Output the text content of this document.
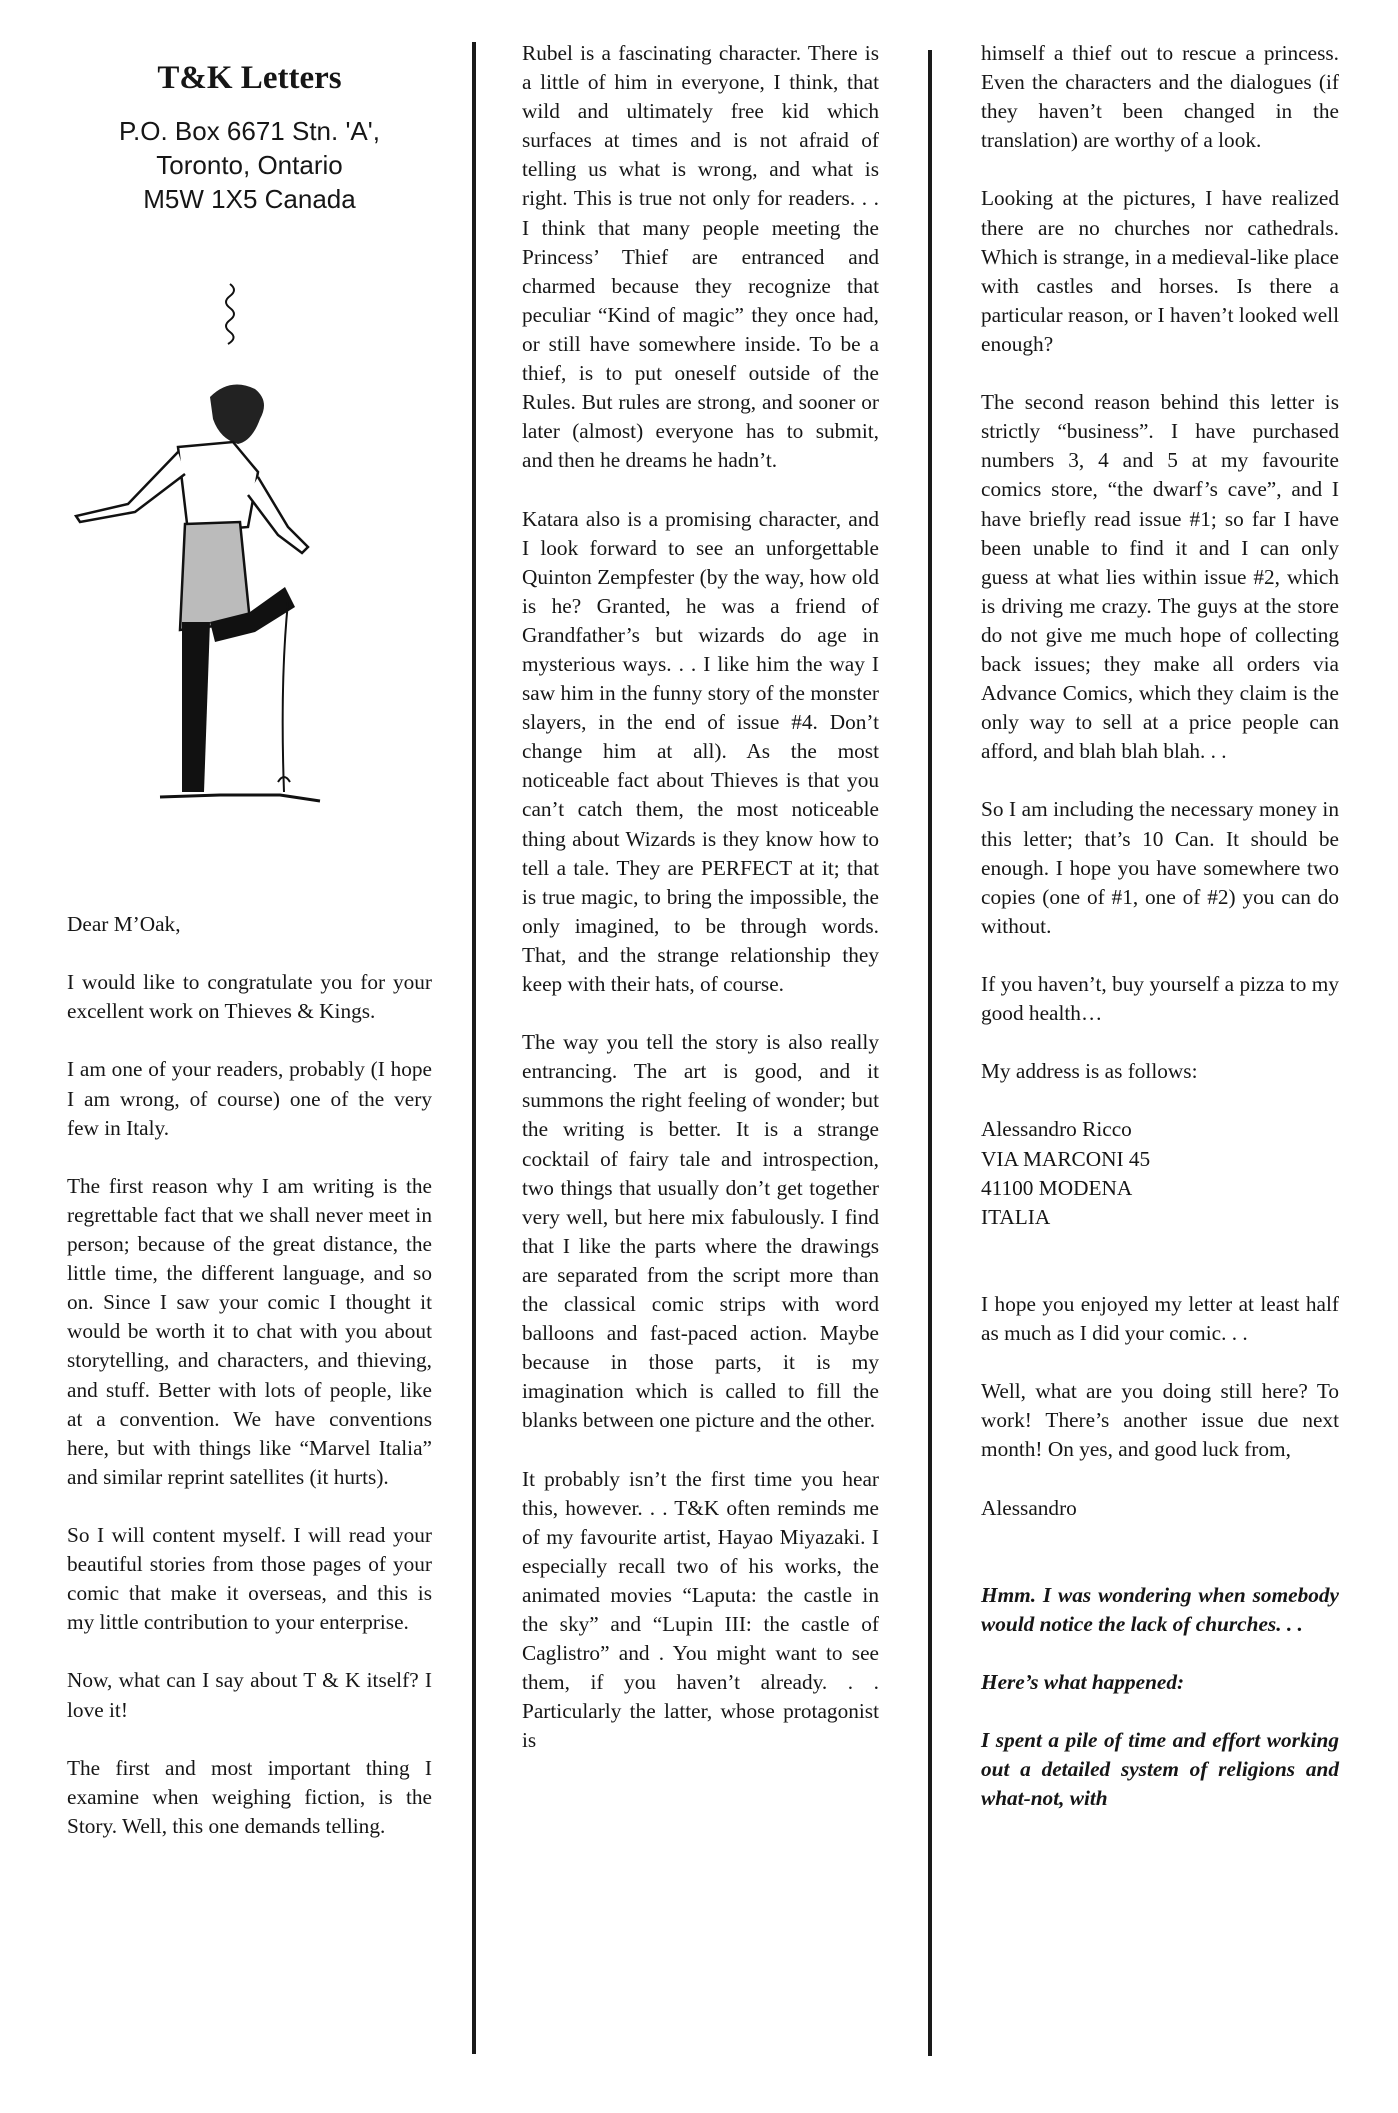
T&K Letters
P.O. Box 6671 Stn. 'A',
Toronto, Ontario
M5W 1X5 Canada

Dear M’Oak,

I would like to congratulate you for your excellent work on Thieves & Kings.

I am one of your readers, probably (I hope I am wrong, of course) one of the very few in Italy.

The first reason why I am writing is the regrettable fact that we shall never meet in person; because of the great distance, the little time, the different language, and so on. Since I saw your comic I thought it would be worth it to chat with you about storytelling, and characters, and thieving, and stuff. Better with lots of people, like at a convention. We have conventions here, but with things like “Marvel Italia” and similar reprint satellites (it hurts).

So I will content myself. I will read your beautiful stories from those pages of your comic that make it overseas, and this is my little contribution to your enterprise.

Now, what can I say about T & K itself? I love it!

The first and most important thing I examine when weighing fiction, is the Story. Well, this one demands telling.

Rubel is a fascinating character. There is a little of him in everyone, I think, that wild and ultimately free kid which surfaces at times and is not afraid of telling us what is wrong, and what is right. This is true not only for readers. . . I think that many people meeting the Princess’ Thief are entranced and charmed because they recognize that peculiar “Kind of magic” they once had, or still have somewhere inside. To be a thief, is to put oneself outside of the Rules. But rules are strong, and sooner or later (almost) everyone has to submit, and then he dreams he hadn’t.

Katara also is a promising character, and I look forward to see an unforgettable Quinton Zempfester (by the way, how old is he? Granted, he was a friend of Grandfather’s but wizards do age in mysterious ways. . . I like him the way I saw him in the funny story of the monster slayers, in the end of issue #4. Don’t change him at all). As the most noticeable fact about Thieves is that you can’t catch them, the most noticeable thing about Wizards is they know how to tell a tale. They are PERFECT at it; that is true magic, to bring the impossible, the only imagined, to be through words. That, and the strange relationship they keep with their hats, of course.

The way you tell the story is also really entrancing. The art is good, and it summons the right feeling of wonder; but the writing is better. It is a strange cocktail of fairy tale and introspection, two things that usually don’t get together very well, but here mix fabulously. I find that I like the parts where the drawings are separated from the script more than the classical comic strips with word balloons and fast-paced action. Maybe because in those parts, it is my imagination which is called to fill the blanks between one picture and the other.

It probably isn’t the first time you hear this, however. . . T&K often reminds me of my favourite artist, Hayao Miyazaki. I especially recall two of his works, the animated movies “Laputa: the castle in the sky” and “Lupin III: the castle of Caglistro” and . You might want to see them, if you haven’t already. . . Particularly the latter, whose protagonist is

himself a thief out to rescue a princess. Even the characters and the dialogues (if they haven’t been changed in the translation) are worthy of a look.

Looking at the pictures, I have realized there are no churches nor cathedrals. Which is strange, in a medieval-like place with castles and horses. Is there a particular reason, or I haven’t looked well enough?

The second reason behind this letter is strictly “business”. I have purchased numbers 3, 4 and 5 at my favourite comics store, “the dwarf’s cave”, and I have briefly read issue #1; so far I have been unable to find it and I can only guess at what lies within issue #2, which is driving me crazy. The guys at the store do not give me much hope of collecting back issues; they make all orders via Advance Comics, which they claim is the only way to sell at a price people can afford, and blah blah blah. . .

So I am including the necessary money in this letter; that’s 10 Can. It should be enough. I hope you have somewhere two copies (one of #1, one of #2) you can do without.

If you haven’t, buy yourself a pizza to my good health…

My address is as follows:

Alessandro Ricco

VIA MARCONI 45

41100 MODENA

ITALIA

I hope you enjoyed my letter at least half as much as I did your comic. . .

Well, what are you doing still here? To work! There’s another issue due next month! On yes, and good luck from,

Alessandro

Hmm. I was wondering when somebody would notice the lack of churches. . .

Here’s what happened:

I spent a pile of time and effort working out a detailed system of religions and what-not, with
